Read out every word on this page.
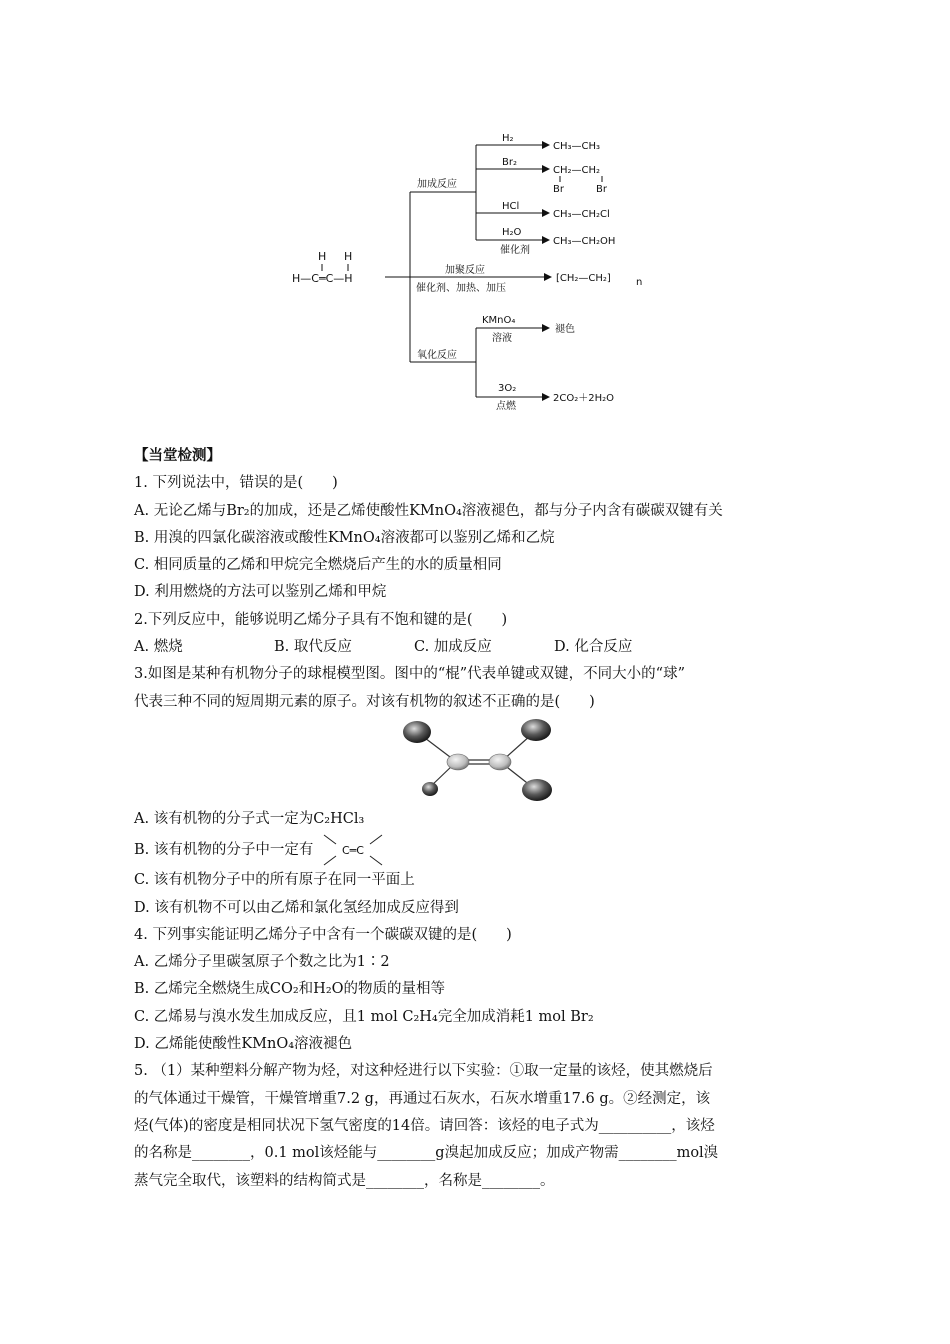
H H
H—C═C—H
加成反应
H₂
CH₃—CH₃
Br₂
CH₂—CH₂
Br	Br
HCl
CH₃—CH₂Cl
H₂O
催化剂
CH₃—CH₂OH
加聚反应
催化剂、加热、加压
[CH₂—CH₂]	n
氧化反应
KMnO₄
溶液
褪色
3O₂
点燃
2CO₂＋2H₂O
【当堂检测】
1. 下列说法中，错误的是(　　)
A. 无论乙烯与Br₂的加成，还是乙烯使酸性KMnO₄溶液褪色，都与分子内含有碳碳双键有关
B. 用溴的四氯化碳溶液或酸性KMnO₄溶液都可以鉴别乙烯和乙烷
C. 相同质量的乙烯和甲烷完全燃烧后产生的水的质量相同
D. 利用燃烧的方法可以鉴别乙烯和甲烷
2.下列反应中，能够说明乙烯分子具有不饱和键的是(　　)
A. 燃烧	B. 取代反应	C. 加成反应	D. 化合反应
3.如图是某种有机物分子的球棍模型图。图中的“棍”代表单键或双键，不同大小的“球”
代表三种不同的短周期元素的原子。对该有机物的叙述不正确的是(　　)
A. 该有机物的分子式一定为C₂HCl₃
B. 该有机物的分子中一定有	C═C
C. 该有机物分子中的所有原子在同一平面上
D. 该有机物不可以由乙烯和氯化氢经加成反应得到
4. 下列事实能证明乙烯分子中含有一个碳碳双键的是(　　)
A. 乙烯分子里碳氢原子个数之比为1∶2
B. 乙烯完全燃烧生成CO₂和H₂O的物质的量相等
C. 乙烯易与溴水发生加成反应，且1 mol C₂H₄完全加成消耗1 mol Br₂
D. 乙烯能使酸性KMnO₄溶液褪色
5. （1）某种塑料分解产物为烃，对这种烃进行以下实验：①取一定量的该烃，使其燃烧后
的气体通过干燥管，干燥管增重7.2 g，再通过石灰水，石灰水增重17.6 g。②经测定，该
烃(气体)的密度是相同状况下氢气密度的14倍。请回答：该烃的电子式为__________，该烃
的名称是________，0.1 mol该烃能与________g溴起加成反应；加成产物需________mol溴
蒸气完全取代，该塑料的结构简式是________，名称是________。
